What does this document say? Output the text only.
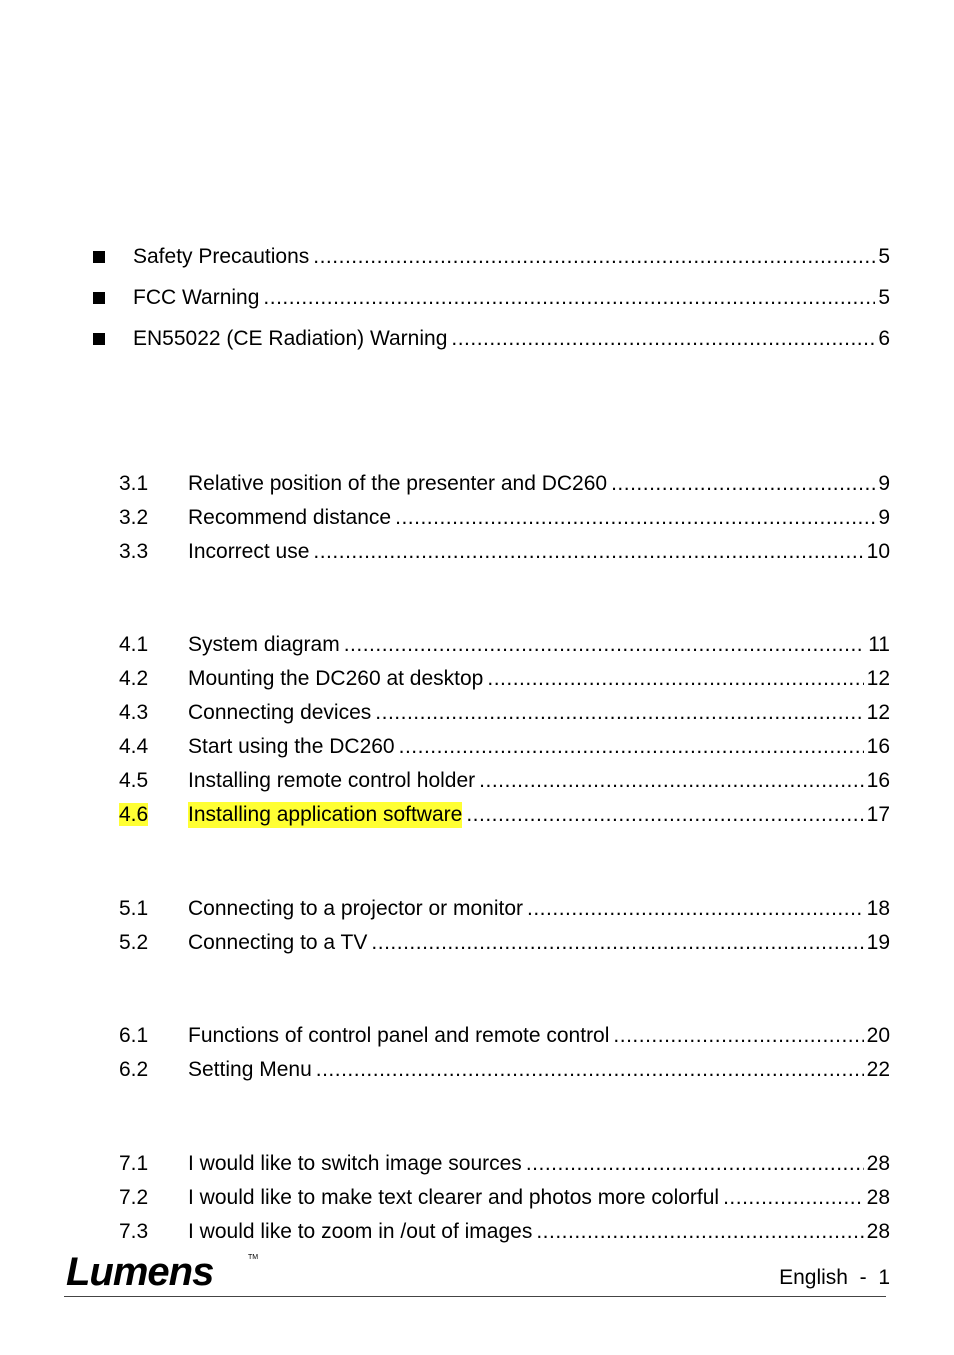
Safety Precautions .....	5
FCC Warning .....	5
EN55022 (CE Radiation) Warning .....	6
3.1	Relative position of the presenter and DC260 .....	9
3.2	Recommend distance .....	9
3.3	Incorrect use .....	10
4.1	System diagram .....	11
4.2	Mounting the DC260 at desktop .....	12
4.3	Connecting devices .....	12
4.4	Start using the DC260 .....	16
4.5	Installing remote control holder .....	16
4.6	Installing application software .....	17
5.1	Connecting to a projector or monitor .....	18
5.2	Connecting to a TV .....	19
6.1	Functions of control panel and remote control .....	20
6.2	Setting Menu .....	22
7.1	I would like to switch image sources .....	28
7.2	I would like to make text clearer and photos more colorful .....	28
7.3	I would like to zoom in /out of images .....	28
Lumens	TM
English  -  1
